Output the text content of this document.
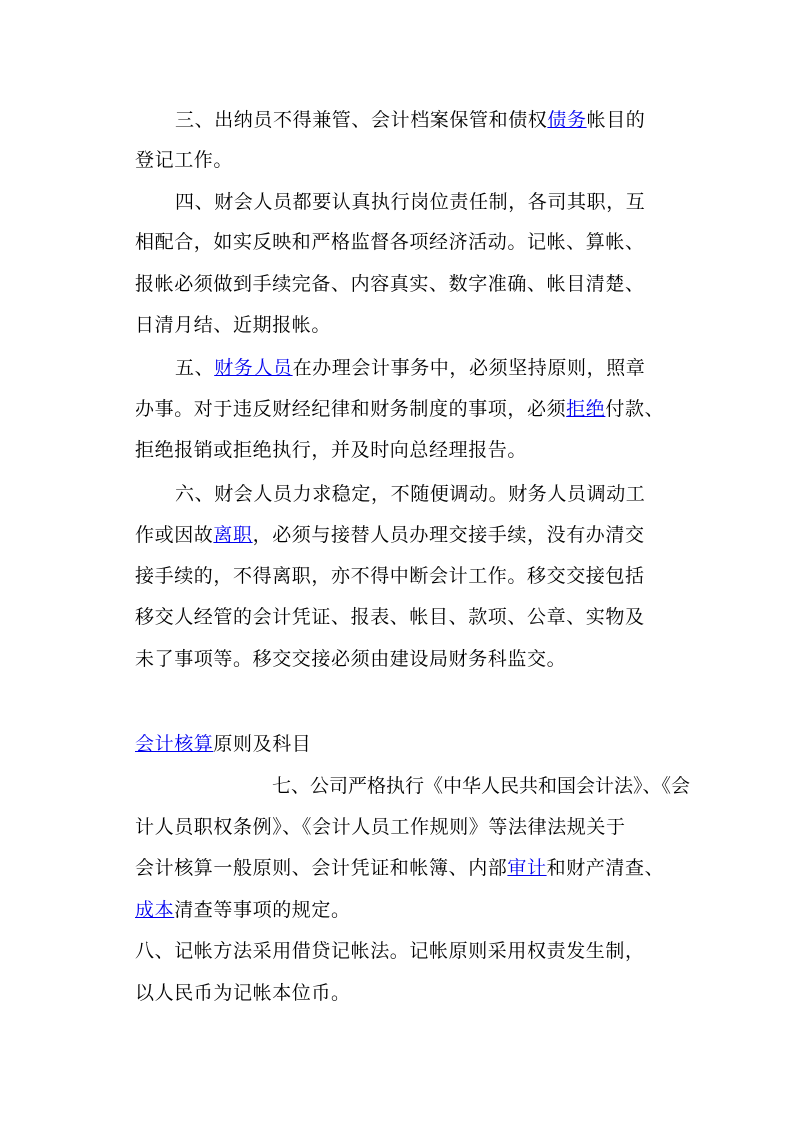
三、出纳员不得兼管、会计档案保管和债权债务帐目的
登记工作。
四、财会人员都要认真执行岗位责任制，各司其职，互
相配合，如实反映和严格监督各项经济活动。记帐、算帐、
报帐必须做到手续完备、内容真实、数字准确、帐目清楚、
日清月结、近期报帐。
五、财务人员在办理会计事务中，必须坚持原则，照章
办事。对于违反财经纪律和财务制度的事项，必须拒绝付款、
拒绝报销或拒绝执行，并及时向总经理报告。
六、财会人员力求稳定，不随便调动。财务人员调动工
作或因故离职，必须与接替人员办理交接手续，没有办清交
接手续的，不得离职，亦不得中断会计工作。移交交接包括
移交人经管的会计凭证、报表、帐目、款项、公章、实物及
未了事项等。移交交接必须由建设局财务科监交。
会计核算原则及科目
七、公司严格执行《中华人民共和国会计法》、《会
计人员职权条例》、《会计人员工作规则》等法律法规关于
会计核算一般原则、会计凭证和帐簿、内部审计和财产清查、
成本清查等事项的规定。
八、记帐方法采用借贷记帐法。记帐原则采用权责发生制，
以人民币为记帐本位币。
